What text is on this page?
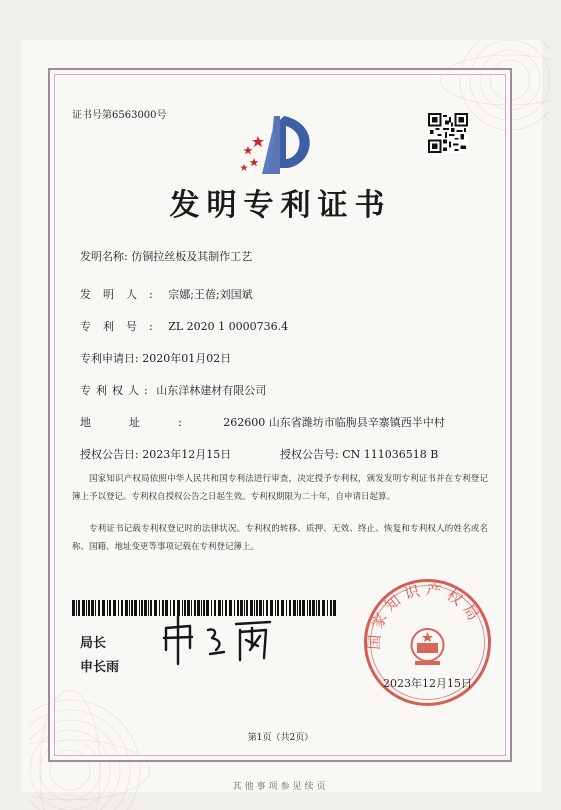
证书号第6563000号
发明专利证书
发明名称: 仿铜拉丝板及其制作工艺
发明人: 宗娜;王蓓;刘国斌
专利号: ZL 2020 1 0000736.4
专利申请日: 2020年01月02日
专利权人: 山东洋林建材有限公司
地址: 262600 山东省潍坊市临朐县辛寨镇西半中村
授权公告日: 2023年12月15日	授权公告号: CN 111036518 B
国家知识产权局依照中华人民共和国专利法进行审查，决定授予专利权，颁发发明专利证书并在专利登记簿上予以登记。专利权自授权公告之日起生效。专利权期限为二十年，自申请日起算。
专利证书记载专利权登记时的法律状况。专利权的转移、质押、无效、终止、恢复和专利权人的姓名或名称、国籍、地址变更等事项记载在专利登记簿上。
局长
申长雨
国家知识产权局
2023年12月15日
第1页（共2页）
其他事项参见续页
